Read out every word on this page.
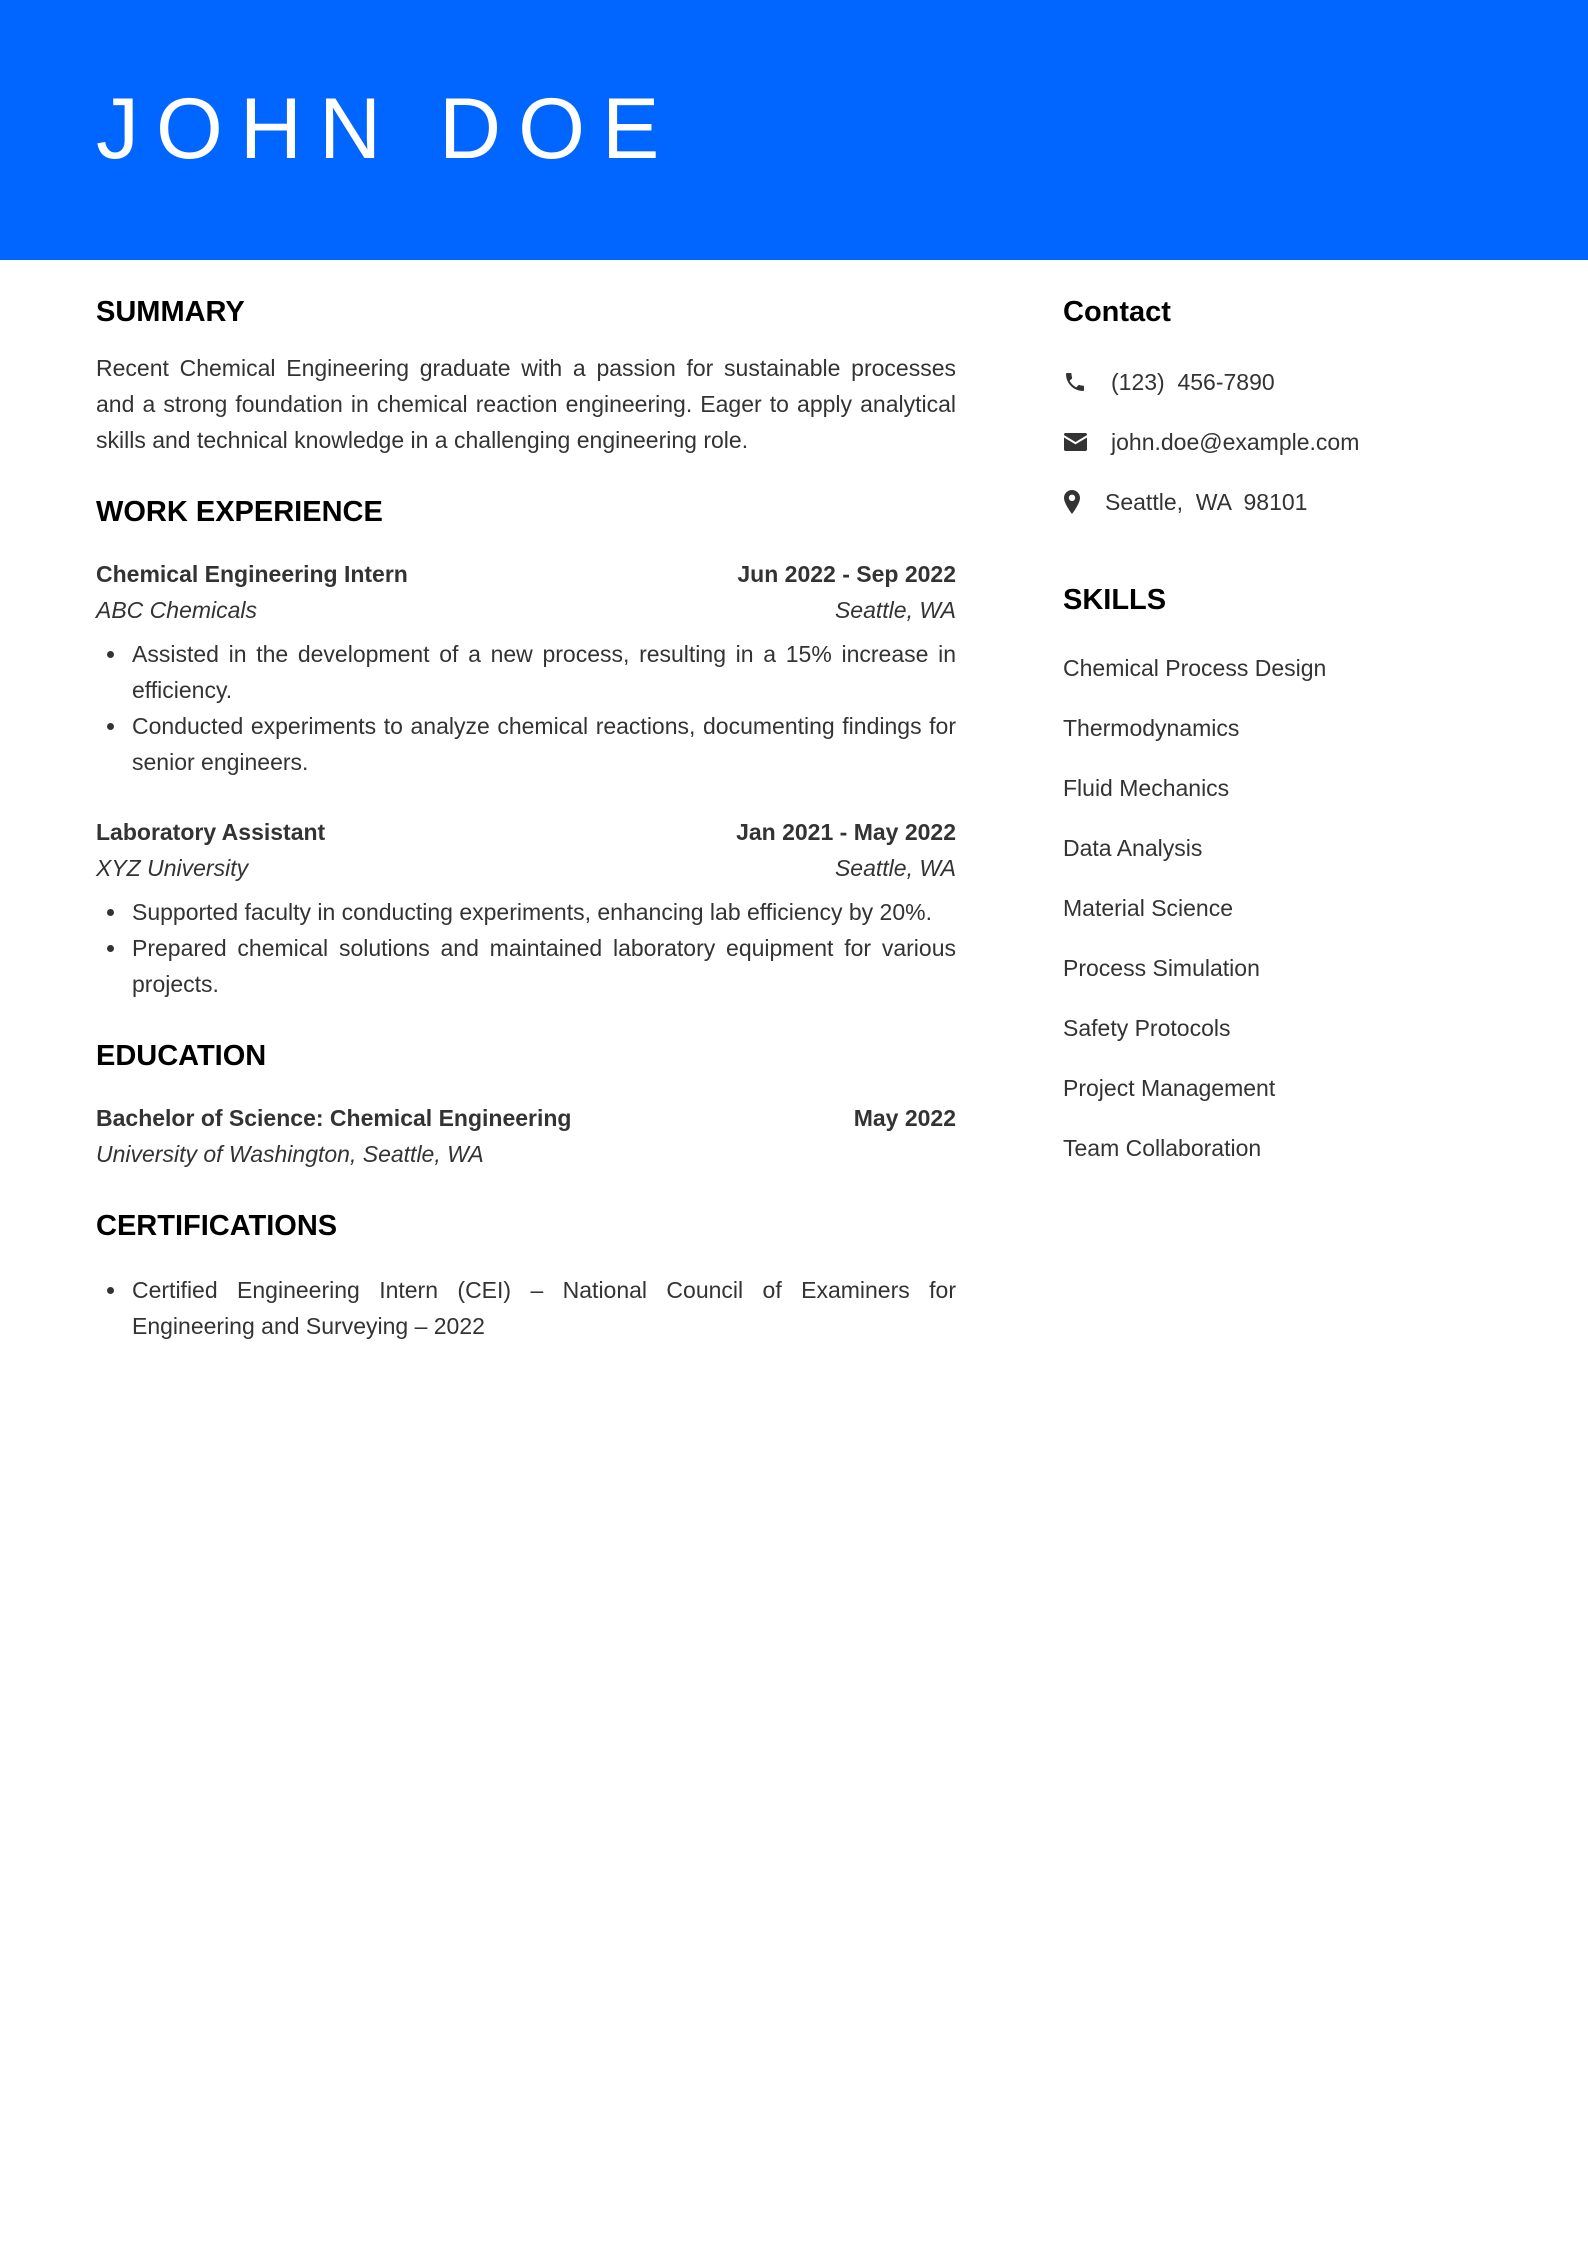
JOHN DOE
SUMMARY

Recent Chemical Engineering graduate with a passion for sustainable processes and a strong foundation in chemical reaction engineering. Eager to apply analytical skills and technical knowledge in a challenging engineering role.

WORK EXPERIENCE
Chemical Engineering Intern	Jun 2022 - Sep 2022
ABC Chemicals	Seattle, WA
Assisted in the development of a new process, resulting in a 15% increase in efficiency.
Conducted experiments to analyze chemical reactions, documenting findings for senior engineers.
Laboratory Assistant	Jan 2021 - May 2022
XYZ University	Seattle, WA
Supported faculty in conducting experiments, enhancing lab efficiency by 20%.
Prepared chemical solutions and maintained laboratory equipment for various projects.
EDUCATION
Bachelor of Science: Chemical Engineering	May 2022
University of Washington, Seattle, WA
CERTIFICATIONS
Certified Engineering Intern (CEI) – National Council of Examiners for Engineering and Surveying – 2022
Contact
(123)  456-7890
john.doe@example.com
Seattle,  WA  98101
SKILLS
Chemical Process Design
Thermodynamics
Fluid Mechanics
Data Analysis
Material Science
Process Simulation
Safety Protocols
Project Management
Team Collaboration
